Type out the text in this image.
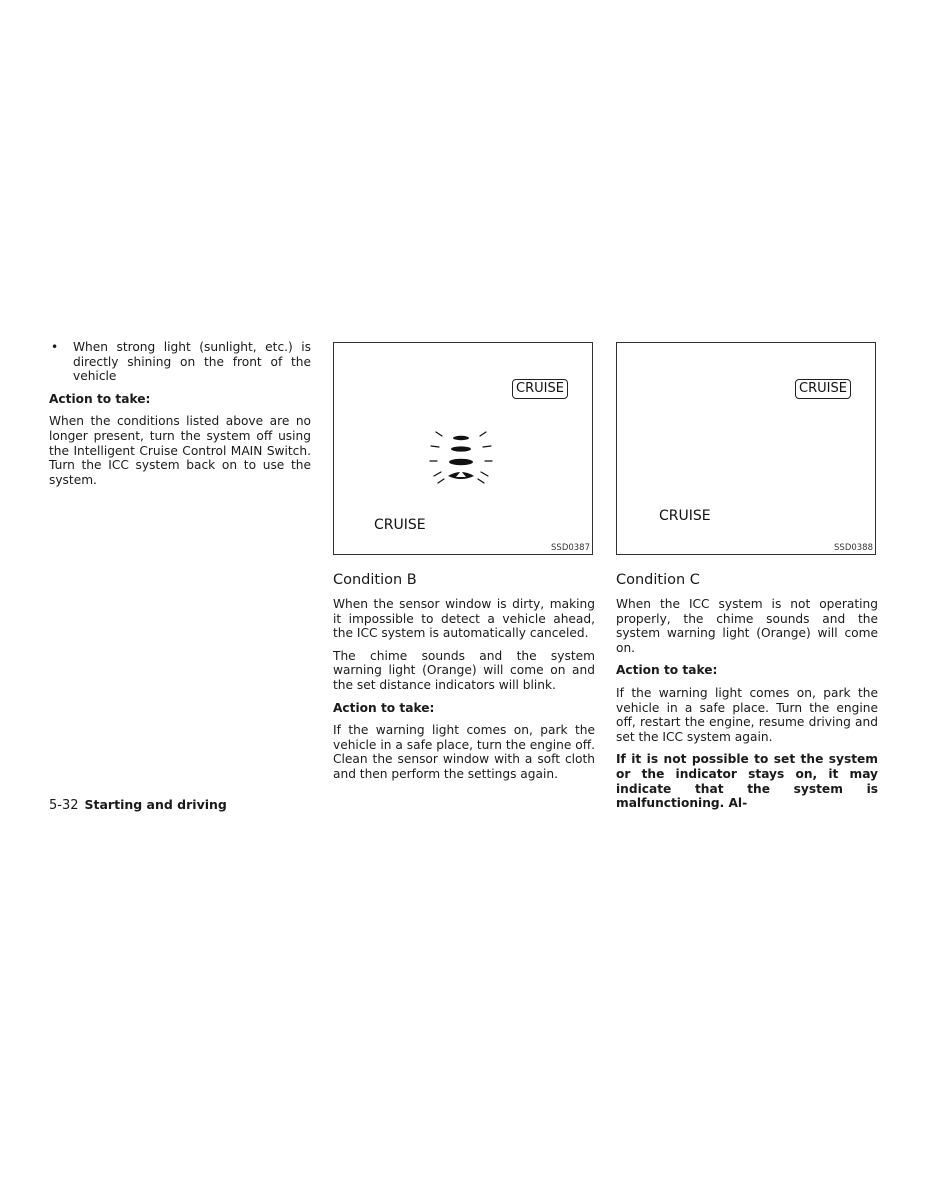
• When strong light (sunlight, etc.) is directly shining on the front of the vehicle

Action to take:

When the conditions listed above are no longer present, turn the system off using the Intelligent Cruise Control MAIN Switch. Turn the ICC system back on to use the system.

CRUISE
CRUISE
SSD0387

Condition B

When the sensor window is dirty, making it impossible to detect a vehicle ahead, the ICC system is automatically canceled.

The chime sounds and the system warning light (Orange) will come on and the set distance indicators will blink.

Action to take:

If the warning light comes on, park the vehicle in a safe place, turn the engine off. Clean the sensor window with a soft cloth and then perform the settings again.

CRUISE
CRUISE
SSD0388

Condition C

When the ICC system is not operating properly, the chime sounds and the system warning light (Orange) will come on.

Action to take:

If the warning light comes on, park the vehicle in a safe place. Turn the engine off, restart the engine, resume driving and set the ICC system again.

If it is not possible to set the system or the indicator stays on, it may indicate that the system is malfunctioning. Al-

5-32 Starting and driving
